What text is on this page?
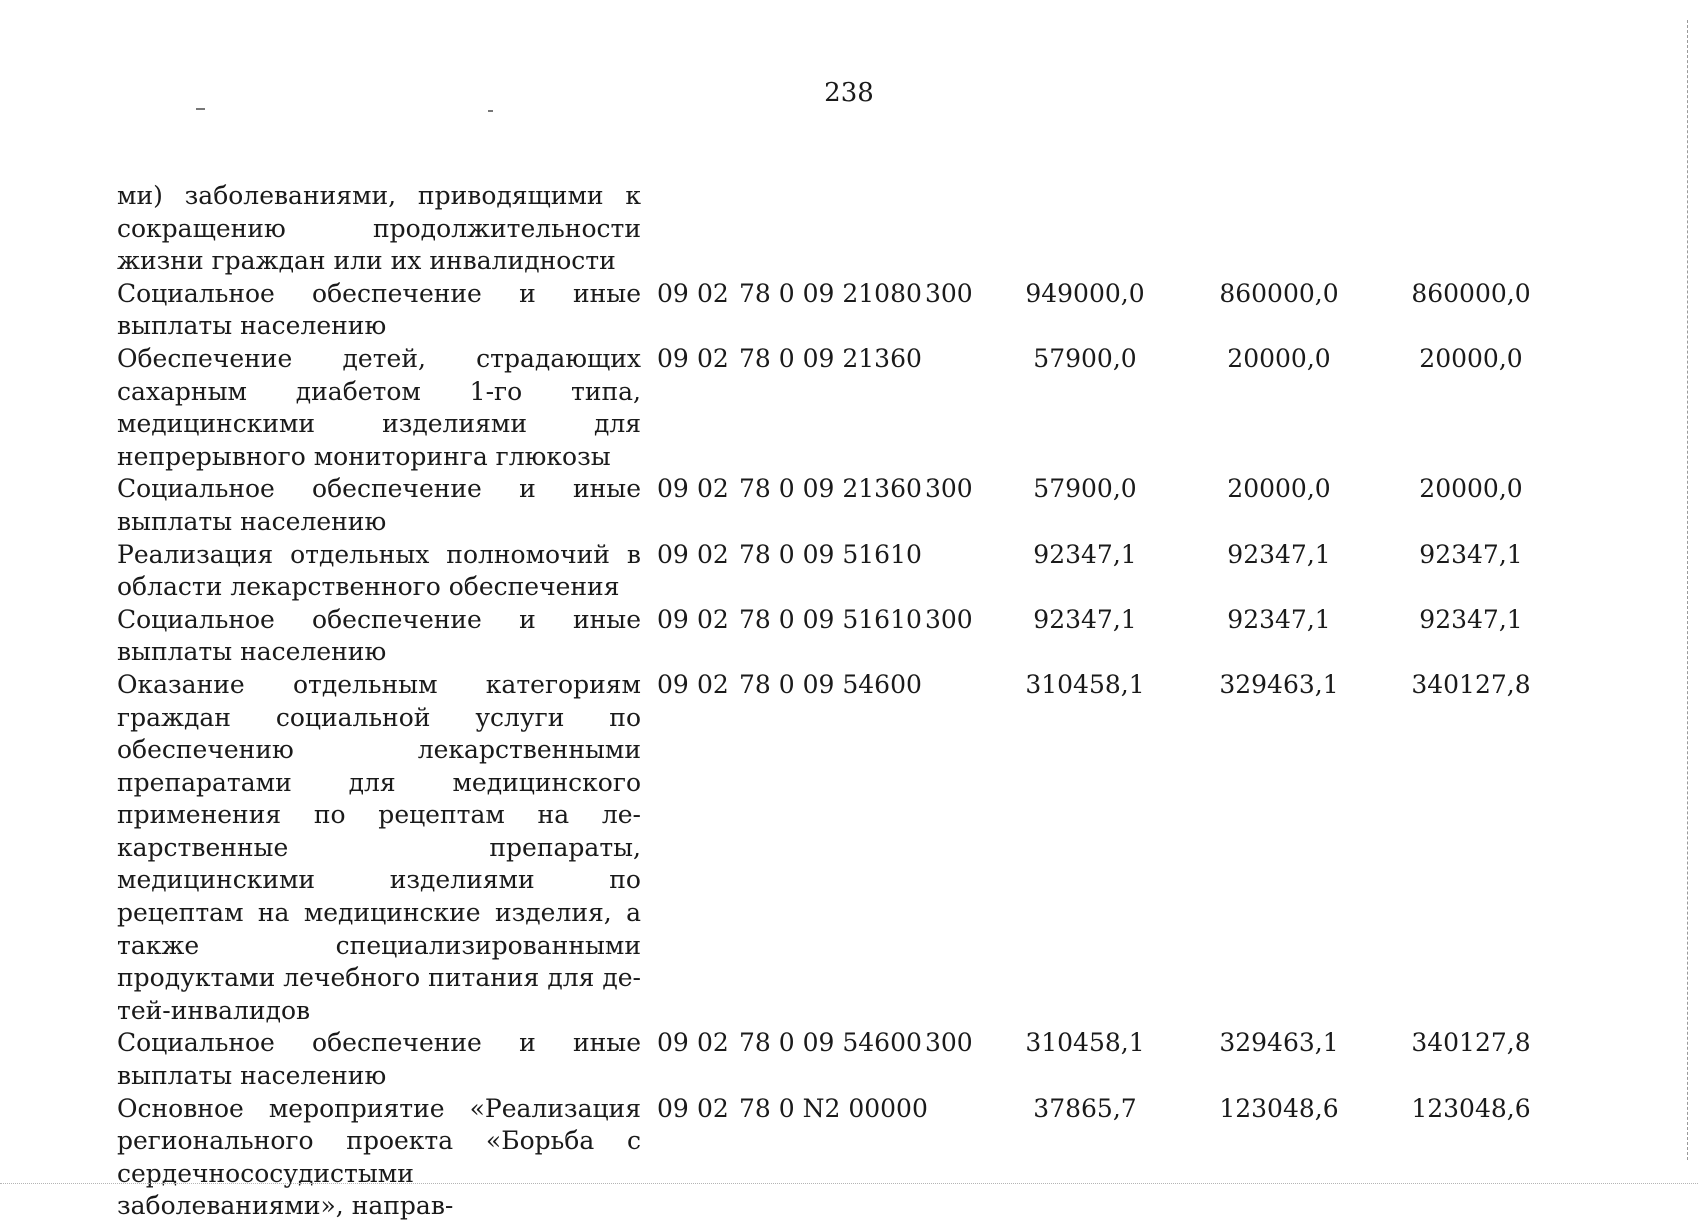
238
ми) заболеваниями, приводящими к сокращению продолжительности жизни граждан или их инвалидности							
Социальное обеспечение и иные выплаты населению	09	02	78 0 09 21080	300	949000,0	860000,0	860000,0
Обеспечение детей, страдающих сахарным диабетом 1-го типа, медицинскими изделиями для непрерывного мониторинга глюкозы	09	02	78 0 09 21360		57900,0	20000,0	20000,0
Социальное обеспечение и иные выплаты населению	09	02	78 0 09 21360	300	57900,0	20000,0	20000,0
Реализация отдельных полномочий в области лекарственного обеспечения	09	02	78 0 09 51610		92347,1	92347,1	92347,1
Социальное обеспечение и иные выплаты населению	09	02	78 0 09 51610	300	92347,1	92347,1	92347,1
Оказание отдельным категориям граждан социальной услуги по обеспечению лекарственными препаратами для медицинского применения по рецептам на лекарственные препараты, медицинскими изделиями по рецептам на медицинские изделия, а также специализированными продуктами лечебного питания для детей-инвалидов	09	02	78 0 09 54600		310458,1	329463,1	340127,8
Социальное обеспечение и иные выплаты населению	09	02	78 0 09 54600	300	310458,1	329463,1	340127,8
Основное мероприятие «Реализация регионального проекта «Борьба с сердечнососудистыми заболеваниями», направ-	09	02	78 0 N2 00000		37865,7	123048,6	123048,6
